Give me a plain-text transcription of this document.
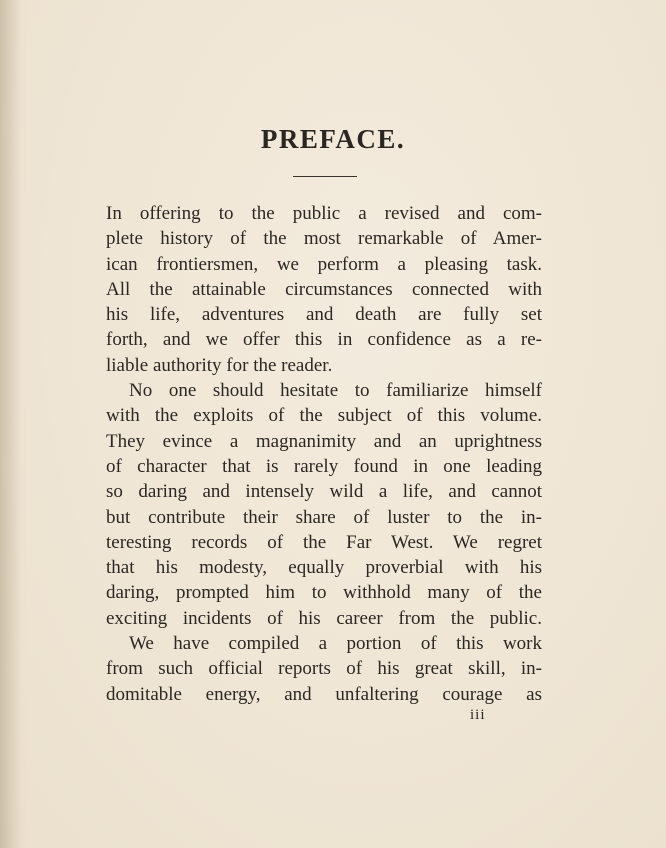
PREFACE.
In offering to the public a revised and com-
plete history of the most remarkable of Amer-
ican frontiersmen, we perform a pleasing task.
All the attainable circumstances connected with
his life, adventures and death are fully set
forth, and we offer this in confidence as a re-
liable authority for the reader.
No one should hesitate to familiarize himself
with the exploits of the subject of this volume.
They evince a magnanimity and an uprightness
of character that is rarely found in one leading
so daring and intensely wild a life, and cannot
but contribute their share of luster to the in-
teresting records of the Far West. We regret
that his modesty, equally proverbial with his
daring, prompted him to withhold many of the
exciting incidents of his career from the public.
We have compiled a portion of this work
from such official reports of his great skill, in-
domitable energy, and unfaltering courage as
iii
